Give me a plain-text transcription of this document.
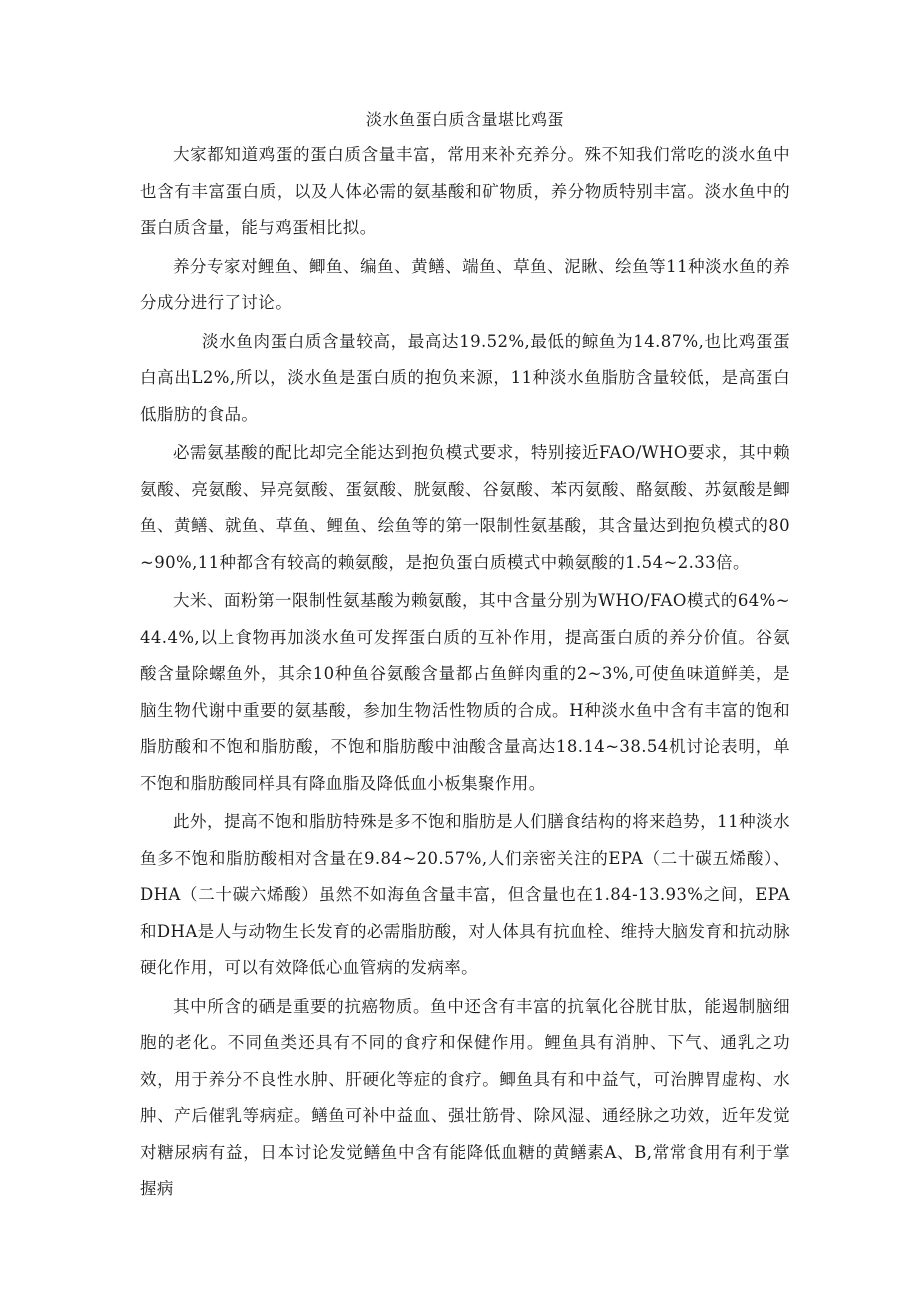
淡水鱼蛋白质含量堪比鸡蛋

大家都知道鸡蛋的蛋白质含量丰富，常用来补充养分。殊不知我们常吃的淡水鱼中也含有丰富蛋白质，以及人体必需的氨基酸和矿物质，养分物质特别丰富。淡水鱼中的蛋白质含量，能与鸡蛋相比拟。

养分专家对鲤鱼、鲫鱼、编鱼、黄鳝、端鱼、草鱼、泥瞅、绘鱼等11种淡水鱼的养分成分进行了讨论。

淡水鱼肉蛋白质含量较高，最高达19.52%,最低的鲸鱼为14.87%,也比鸡蛋蛋白高出L2%,所以，淡水鱼是蛋白质的抱负来源，11种淡水鱼脂肪含量较低，是高蛋白低脂肪的食品。

必需氨基酸的配比却完全能达到抱负模式要求，特别接近FAO/WHO要求，其中赖氨酸、亮氨酸、异亮氨酸、蛋氨酸、胱氨酸、谷氨酸、苯丙氨酸、酪氨酸、苏氨酸是鲫鱼、黄鳝、就鱼、草鱼、鲤鱼、绘鱼等的第一限制性氨基酸，其含量达到抱负模式的80~90%,11种都含有较高的赖氨酸，是抱负蛋白质模式中赖氨酸的1.54~2.33倍。

大米、面粉第一限制性氨基酸为赖氨酸，其中含量分别为WHO/FAO模式的64%~44.4%,以上食物再加淡水鱼可发挥蛋白质的互补作用，提高蛋白质的养分价值。谷氨酸含量除螺鱼外，其余10种鱼谷氨酸含量都占鱼鲜肉重的2~3%,可使鱼味道鲜美，是脑生物代谢中重要的氨基酸，参加生物活性物质的合成。H种淡水鱼中含有丰富的饱和脂肪酸和不饱和脂肪酸，不饱和脂肪酸中油酸含量高达18.14~38.54机讨论表明，单不饱和脂肪酸同样具有降血脂及降低血小板集聚作用。

此外，提高不饱和脂肪特殊是多不饱和脂肪是人们膳食结构的将来趋势，11种淡水鱼多不饱和脂肪酸相对含量在9.84~20.57%,人们亲密关注的EPA（二十碳五烯酸）、DHA（二十碳六烯酸）虽然不如海鱼含量丰富，但含量也在1.84-13.93%之间，EPA和DHA是人与动物生长发育的必需脂肪酸，对人体具有抗血栓、维持大脑发育和抗动脉硬化作用，可以有效降低心血管病的发病率。

其中所含的硒是重要的抗癌物质。鱼中还含有丰富的抗氧化谷胱甘肽，能遏制脑细胞的老化。不同鱼类还具有不同的食疗和保健作用。鲤鱼具有消肿、下气、通乳之功效，用于养分不良性水肿、肝硬化等症的食疗。鲫鱼具有和中益气，可治脾胃虚构、水肿、产后催乳等病症。鳝鱼可补中益血、强壮筋骨、除风湿、通经脉之功效，近年发觉对糖尿病有益，日本讨论发觉鳝鱼中含有能降低血糖的黄鳝素A、B,常常食用有利于掌握病
